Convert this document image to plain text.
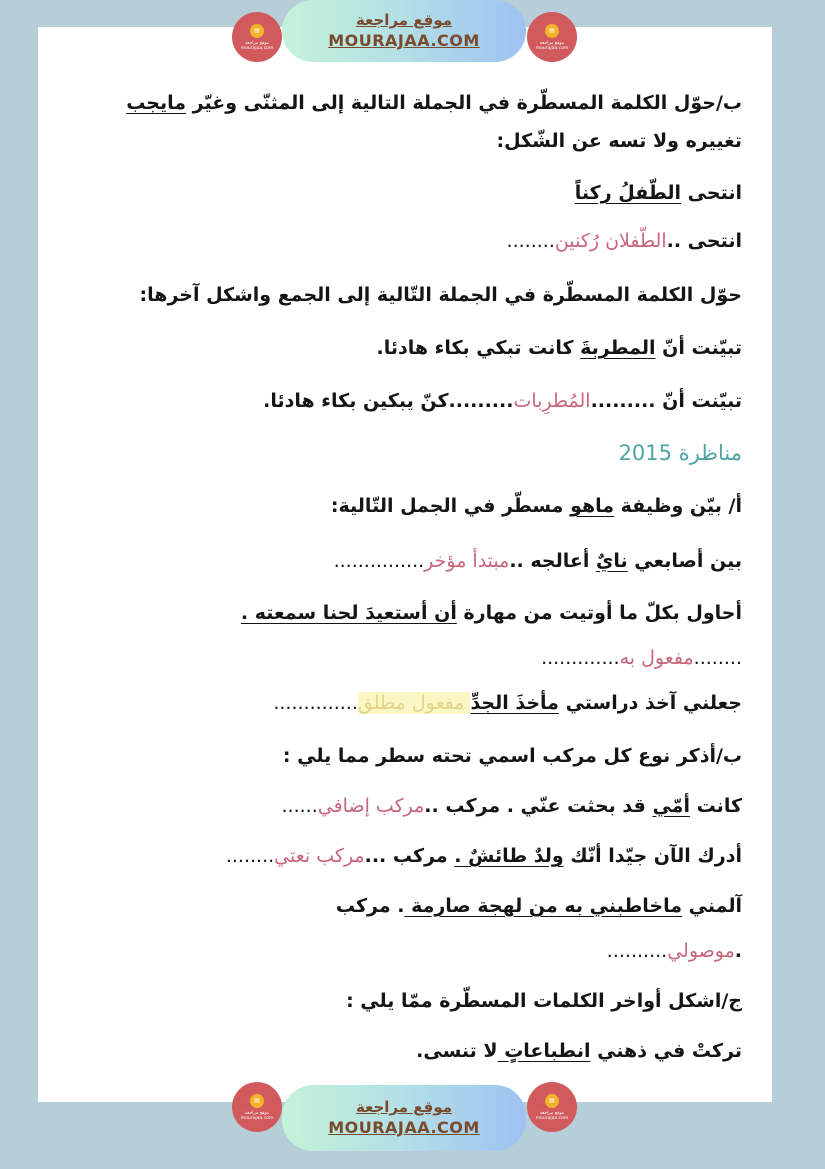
ب/حوّل الكلمة المسطّرة في الجملة التالية إلى المثنّى وغيّر مايجب
تغييره ولا تسه عن الشّكل:
انتحى الطّفلُ ركناً
انتحى ..الطّفلان رُكنين........
حوّل الكلمة المسطّرة في الجملة التّالية إلى الجمع واشكل آخرها:
تبيّنت أنّ المطربةَ كانت تبكي بكاء هادئا.
تبيّنت أنّ .........المُطرِبات.........كنّ يبكين بكاء هادئا.
مناظرة 2015
أ/ بيّن وظيفة ماهو مسطّر في الجمل التّالية:
بين أصابعي نايٌ أعالجه ..مبتدأ مؤخر...............
أحاول بكلّ ما أوتيت من مهارة أن أستعيدَ لحنا سمعته .
........مفعول به.............
جعلني آخذ دراستي مأخذَ الجدِّ مفعول مطلق..............
ب/أذكر نوع كل مركب اسمي تحته سطر مما يلي :
كانت أمّي قد بحثت عنّي . مركب ..مركب إضافي......
أدرك الآن جيّدا أنّك ولدٌ طائشٌ . مركب ...مركب نعتي........
آلمني ماخاطبني به من لهجة صارمة . مركب
.موصولي..........
ج/اشكل أواخر الكلمات المسطّرة ممّا يلي :
تركتْ في ذهني انطباعاتٍ لا تنسى.
▤
موقع مراجعة mourajaa.com
موقع مراجعة
MOURAJAA.COM
▤
موقع مراجعة mourajaa.com
▤
موقع مراجعة mourajaa.com
موقع مراجعة
MOURAJAA.COM
▤
موقع مراجعة mourajaa.com
